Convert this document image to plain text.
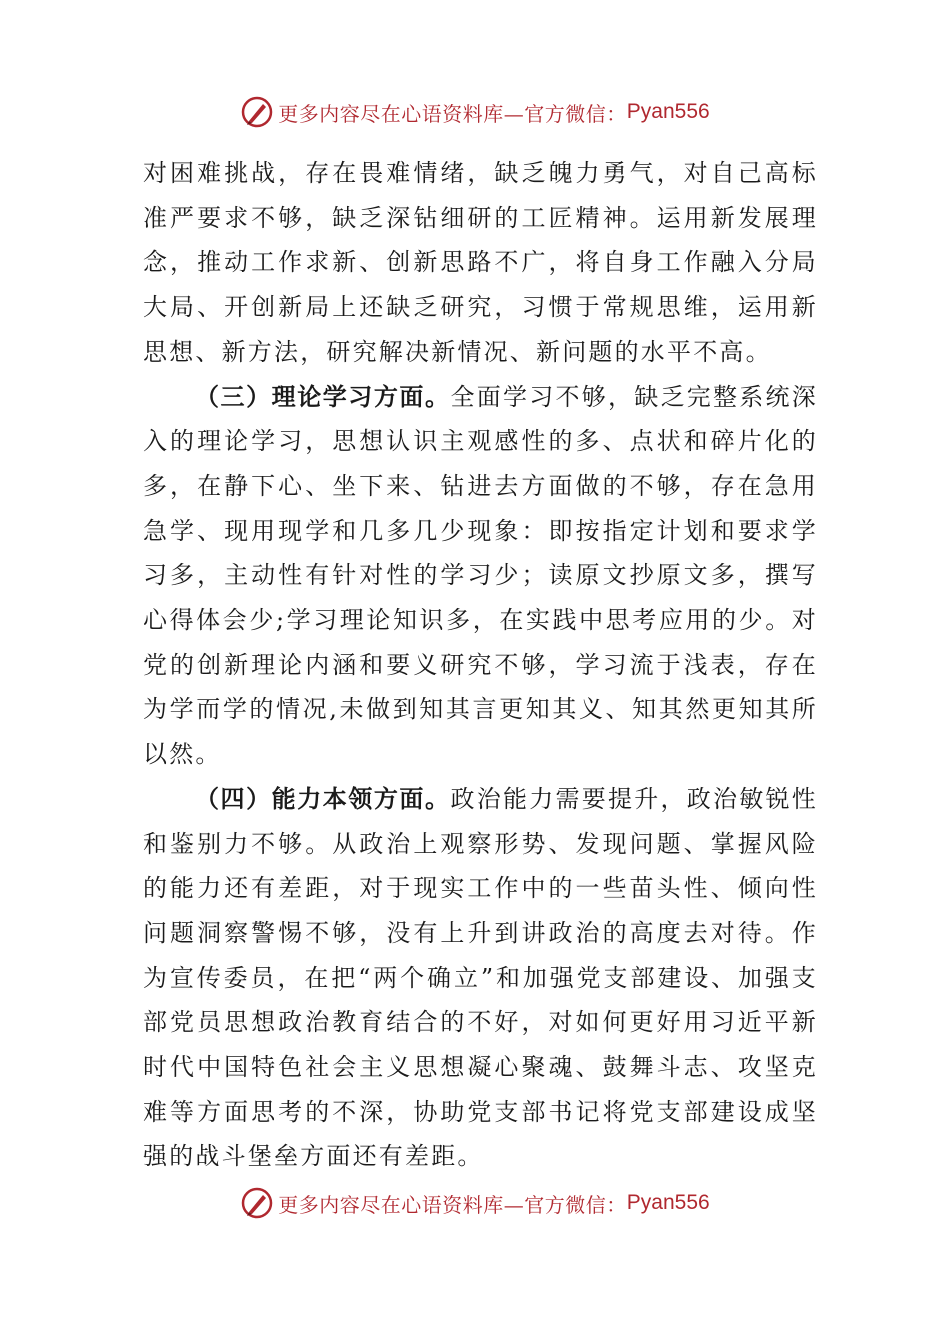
更多内容尽在心语资料库—官方微信： Pyan556

对困难挑战，存在畏难情绪，缺乏魄力勇气，对自己高标准严要求不够，缺乏深钻细研的工匠精神。运用新发展理念，推动工作求新、创新思路不广，将自身工作融入分局大局、开创新局上还缺乏研究，习惯于常规思维，运用新思想、新方法，研究解决新情况、新问题的水平不高。

（三）理论学习方面。全面学习不够，缺乏完整系统深入的理论学习，思想认识主观感性的多、点状和碎片化的多，在静下心、坐下来、钻进去方面做的不够，存在急用急学、现用现学和几多几少现象：即按指定计划和要求学习多，主动性有针对性的学习少；读原文抄原文多，撰写心得体会少;学习理论知识多，在实践中思考应用的少。对党的创新理论内涵和要义研究不够，学习流于浅表，存在为学而学的情况,未做到知其言更知其义、知其然更知其所以然。

（四）能力本领方面。政治能力需要提升，政治敏锐性和鉴别力不够。从政治上观察形势、发现问题、掌握风险的能力还有差距，对于现实工作中的一些苗头性、倾向性问题洞察警惕不够，没有上升到讲政治的高度去对待。作为宣传委员，在把“两个确立”和加强党支部建设、加强支部党员思想政治教育结合的不好，对如何更好用习近平新时代中国特色社会主义思想凝心聚魂、鼓舞斗志、攻坚克难等方面思考的不深，协助党支部书记将党支部建设成坚强的战斗堡垒方面还有差距。

更多内容尽在心语资料库—官方微信： Pyan556
